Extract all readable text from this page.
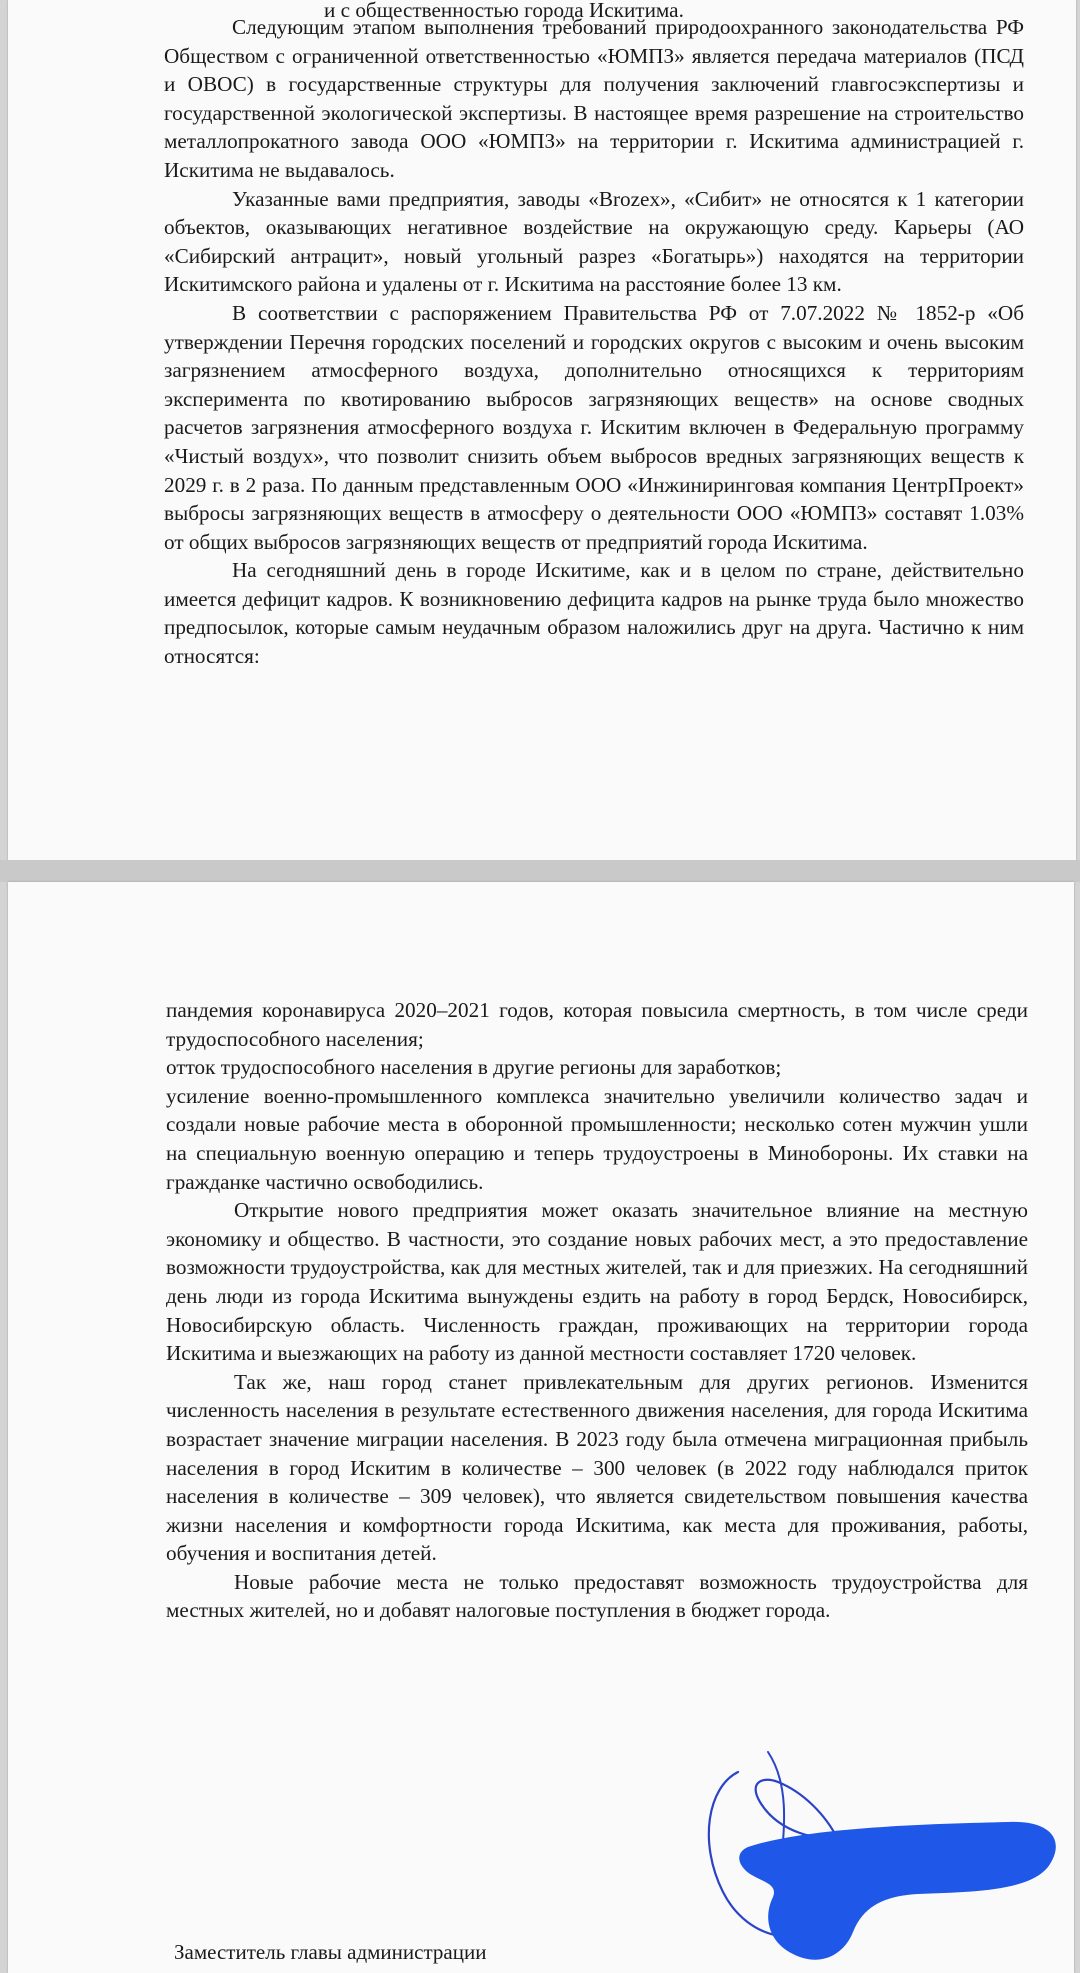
и с общественностью города Искитима.

Следующим этапом выполнения требований природоохранного законодательства РФ Обществом с ограниченной ответственностью «ЮМПЗ» является передача материалов (ПСД и ОВОС) в государственные структуры для получения заключений главгосэкспертизы и государственной экологической экспертизы. В настоящее время разрешение на строительство металлопрокатного завода ООО «ЮМПЗ» на территории г. Искитима администрацией г. Искитима не выдавалось.

Указанные вами предприятия, заводы «Brozex», «Сибит» не относятся к 1 категории объектов, оказывающих негативное воздействие на окружающую среду. Карьеры (АО «Сибирский антрацит», новый угольный разрез «Богатырь») находятся на территории Искитимского района и удалены от г. Искитима на расстояние более 13 км.

В соответствии с распоряжением Правительства РФ от 7.07.2022 № 1852-р «Об утверждении Перечня городских поселений и городских округов с высоким и очень высоким загрязнением атмосферного воздуха, дополнительно относящихся к территориям эксперимента по квотированию выбросов загрязняющих веществ» на основе сводных расчетов загрязнения атмосферного воздуха г. Искитим включен в Федеральную программу «Чистый воздух», что позволит снизить объем выбросов вредных загрязняющих веществ к 2029 г. в 2 раза. По данным представленным ООО «Инжиниринговая компания ЦентрПроект» выбросы загрязняющих веществ в атмосферу о деятельности ООО «ЮМПЗ» составят 1.03% от общих выбросов загрязняющих веществ от предприятий города Искитима.

На сегодняшний день в городе Искитиме, как и в целом по стране, действительно имеется дефицит кадров. К возникновению дефицита кадров на рынке труда было множество предпосылок, которые самым неудачным образом наложились друг на друга. Частично к ним относятся:

пандемия коронавируса 2020–2021 годов, которая повысила смертность, в том числе среди трудоспособного населения;

отток трудоспособного населения в другие регионы для заработков;

усиление военно-промышленного комплекса значительно увеличили количество задач и создали новые рабочие места в оборонной промышленности; несколько сотен мужчин ушли на специальную военную операцию и теперь трудоустроены в Минобороны. Их ставки на гражданке частично освободились.

Открытие нового предприятия может оказать значительное влияние на местную экономику и общество. В частности, это создание новых рабочих мест, а это предоставление возможности трудоустройства, как для местных жителей, так и для приезжих. На сегодняшний день люди из города Искитима вынуждены ездить на работу в город Бердск, Новосибирск, Новосибирскую область. Численность граждан, проживающих на территории города Искитима и выезжающих на работу из данной местности составляет 1720 человек.

Так же, наш город станет привлекательным для других регионов. Изменится численность населения в результате естественного движения населения, для города Искитима возрастает значение миграции населения. В 2023 году была отмечена миграционная прибыль населения в город Искитим в количестве – 300 человек (в 2022 году наблюдался приток населения в количестве – 309 человек), что является свидетельством повышения качества жизни населения и комфортности города Искитима, как места для проживания, работы, обучения и воспитания детей.

Новые рабочие места не только предоставят возможность трудоустройства для местных жителей, но и добавят налоговые поступления в бюджет города.

Заместитель главы администрации
